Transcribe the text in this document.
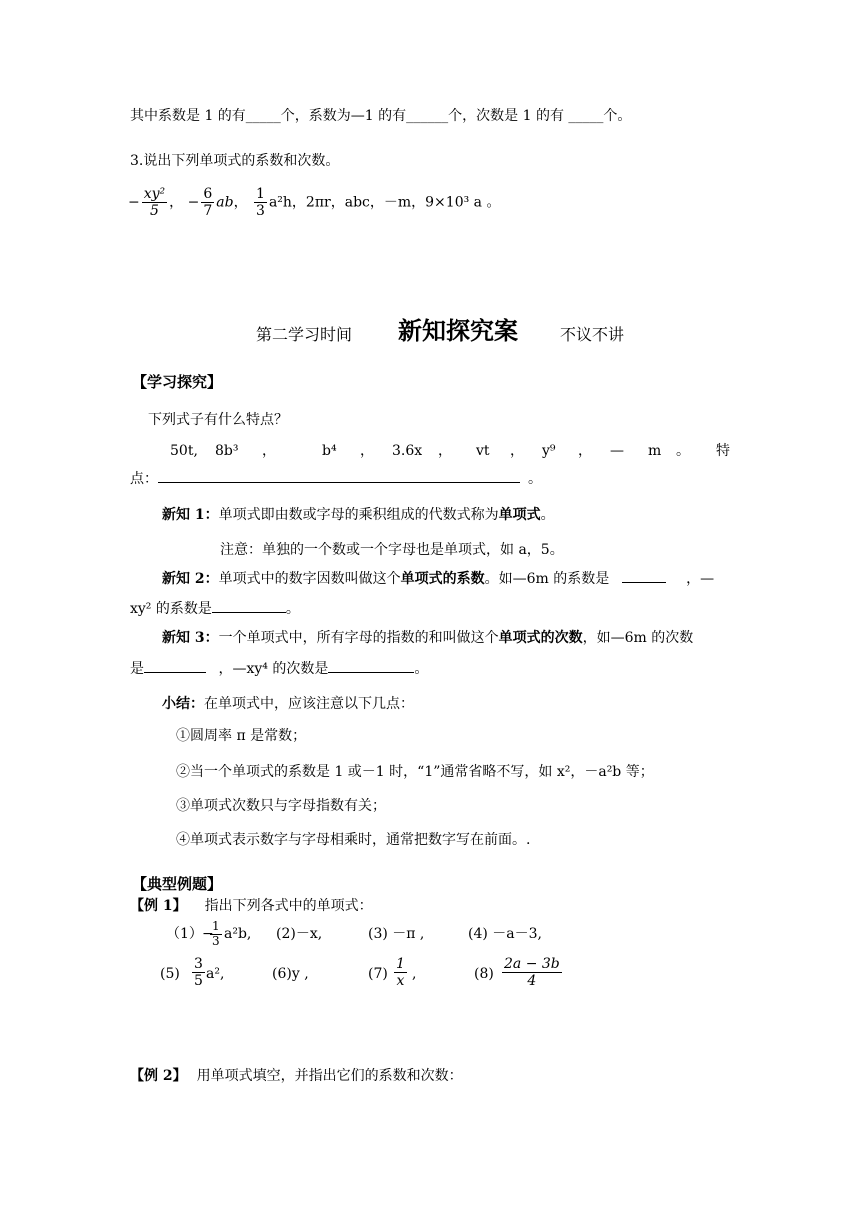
其中系数是 1 的有_____个，系数为—1 的有______个，次数是 1 的有 _____个。
3.说出下列单项式的系数和次数。
− $\frac{\text{xy²}}{5}$ ， − $\frac{6}{7}$ ab， $\frac{1}{3} a^2h$，2πr，abc，－m，9×10³ a 。
第二学习时间 新知探究案	不议不讲
【学习探究】
下列式子有什么特点？
50t, 8b³ ，	b⁴ ， 3.6x ， vt ， y⁹ ， — m 。 特
点：	。
新知 1：单项式即由数或字母的乘积组成的代数式称为单项式。
注意：单独的一个数或一个字母也是单项式，如 a，5。
新知 2：单项式中的数字因数叫做这个单项式的系数。如—6m 的系数是	，—
xy² 的系数是	。
新知 3：一个单项式中，所有字母的指数的和叫做这个单项式的次数，如—6m 的次数
是	，—xy⁴ 的次数是	。
小结：在单项式中，应该注意以下几点：
①圆周率 π 是常数；
②当一个单项式的系数是 1 或－1 时，“1”通常省略不写，如 x²，－a²b 等；
③单项式次数只与字母指数有关；
④单项式表示数字与字母相乘时，通常把数字写在前面。.
【典型例题】
【例 1】 指出下列各式中的单项式：
（1） −
$\frac{1}{3} a^2b$, (2)－x,	(3) －π ,	(4) －a－3,
$(5) \frac{3}{5} a^2$,	(6)y ,	$(7) \frac{1}{x}$ ,	$(8) \frac{2a - 3b}{4}$
【例 2】 用单项式填空，并指出它们的系数和次数：
